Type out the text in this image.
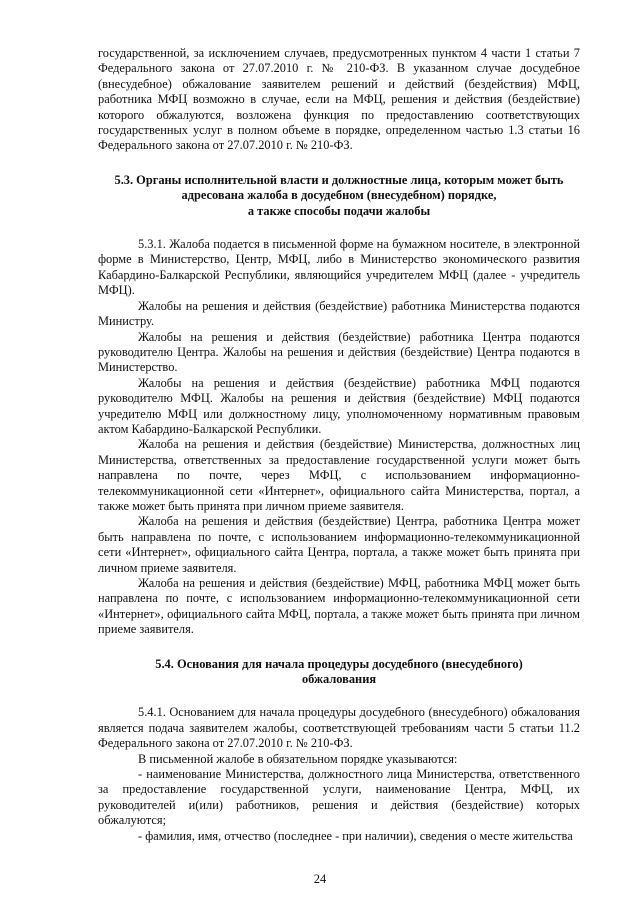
государственной, за исключением случаев, предусмотренных пунктом 4 части 1 статьи 7 Федерального закона от 27.07.2010 г. № 210-ФЗ. В указанном случае досудебное (внесудебное) обжалование заявителем решений и действий (бездействия) МФЦ, работника МФЦ возможно в случае, если на МФЦ, решения и действия (бездействие) которого обжалуются, возложена функция по предоставлению соответствующих государственных услуг в полном объеме в порядке, определенном частью 1.3 статьи 16 Федерального закона от 27.07.2010 г. № 210-ФЗ.

5.3. Органы исполнительной власти и должностные лица, которым может быть
адресована жалоба в досудебном (внесудебном) порядке,
а также способы подачи жалобы

5.3.1. Жалоба подается в письменной форме на бумажном носителе, в электронной форме в Министерство, Центр, МФЦ, либо в Министерство экономического развития Кабардино-Балкарской Республики, являющийся учредителем МФЦ (далее - учредитель МФЦ).

Жалобы на решения и действия (бездействие) работника Министерства подаются Министру.

Жалобы на решения и действия (бездействие) работника Центра подаются руководителю Центра. Жалобы на решения и действия (бездействие) Центра подаются в Министерство.

Жалобы на решения и действия (бездействие) работника МФЦ подаются руководителю МФЦ. Жалобы на решения и действия (бездействие) МФЦ подаются учредителю МФЦ или должностному лицу, уполномоченному нормативным правовым актом Кабардино-Балкарской Республики.

Жалоба на решения и действия (бездействие) Министерства, должностных лиц Министерства, ответственных за предоставление государственной услуги может быть направлена по почте, через МФЦ, с использованием информационно-телекоммуникационной сети «Интернет», официального сайта Министерства, портал, а также может быть принята при личном приеме заявителя.

Жалоба на решения и действия (бездействие) Центра, работника Центра может быть направлена по почте, с использованием информационно-телекоммуникационной сети «Интернет», официального сайта Центра, портала, а также может быть принята при личном приеме заявителя.

Жалоба на решения и действия (бездействие) МФЦ, работника МФЦ может быть направлена по почте, с использованием информационно-телекоммуникационной сети «Интернет», официального сайта МФЦ, портала, а также может быть принята при личном приеме заявителя.

5.4. Основания для начала процедуры досудебного (внесудебного)
обжалования

5.4.1. Основанием для начала процедуры досудебного (внесудебного) обжалования является подача заявителем жалобы, соответствующей требованиям части 5 статьи 11.2 Федерального закона от 27.07.2010 г. № 210-ФЗ.

В письменной жалобе в обязательном порядке указываются:

- наименование Министерства, должностного лица Министерства, ответственного за предоставление государственной услуги, наименование Центра, МФЦ, их руководителей и(или) работников, решения и действия (бездействие) которых обжалуются;

- фамилия, имя, отчество (последнее - при наличии), сведения о месте жительства

24
